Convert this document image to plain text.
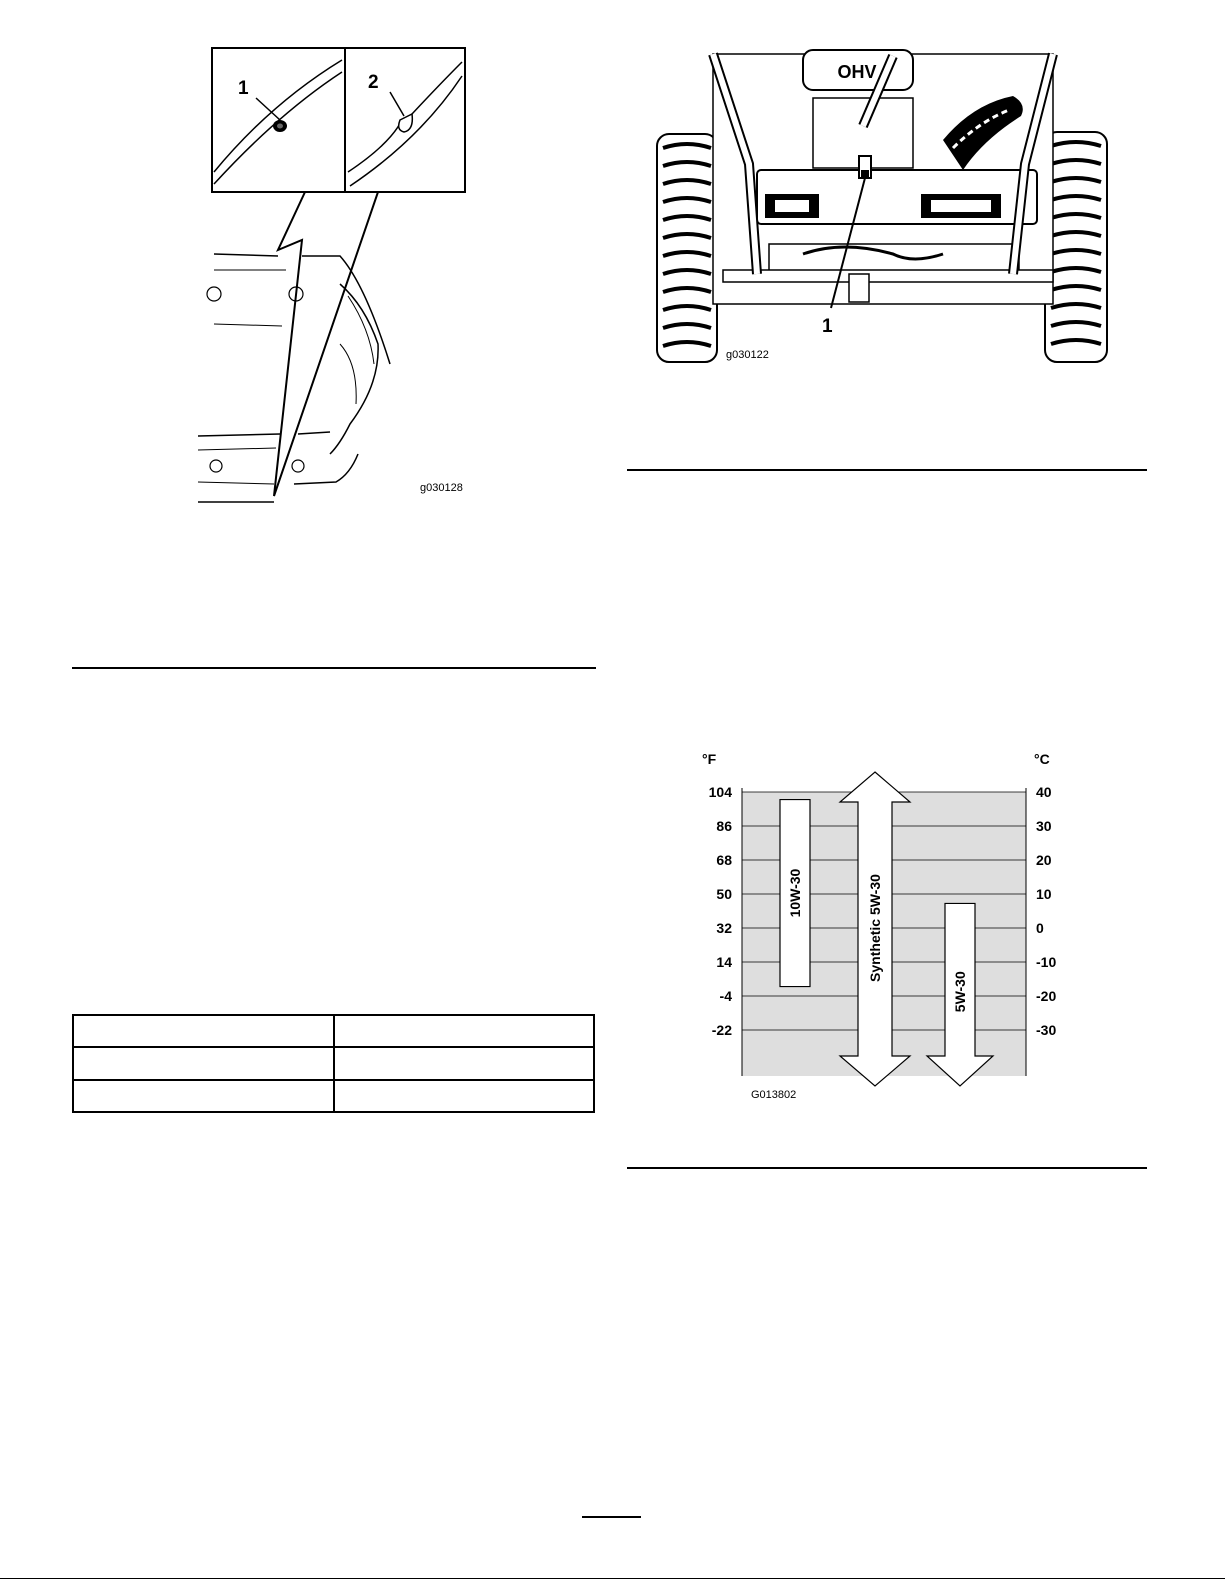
1	2
g030128
OHV
1
g030122

10W-30	Synthetic 5W-30
5W-30
104	40
86	30
68	20
50	10
32	0
14	-10
-4	-20
-22	-30
°F	°C
G013802
